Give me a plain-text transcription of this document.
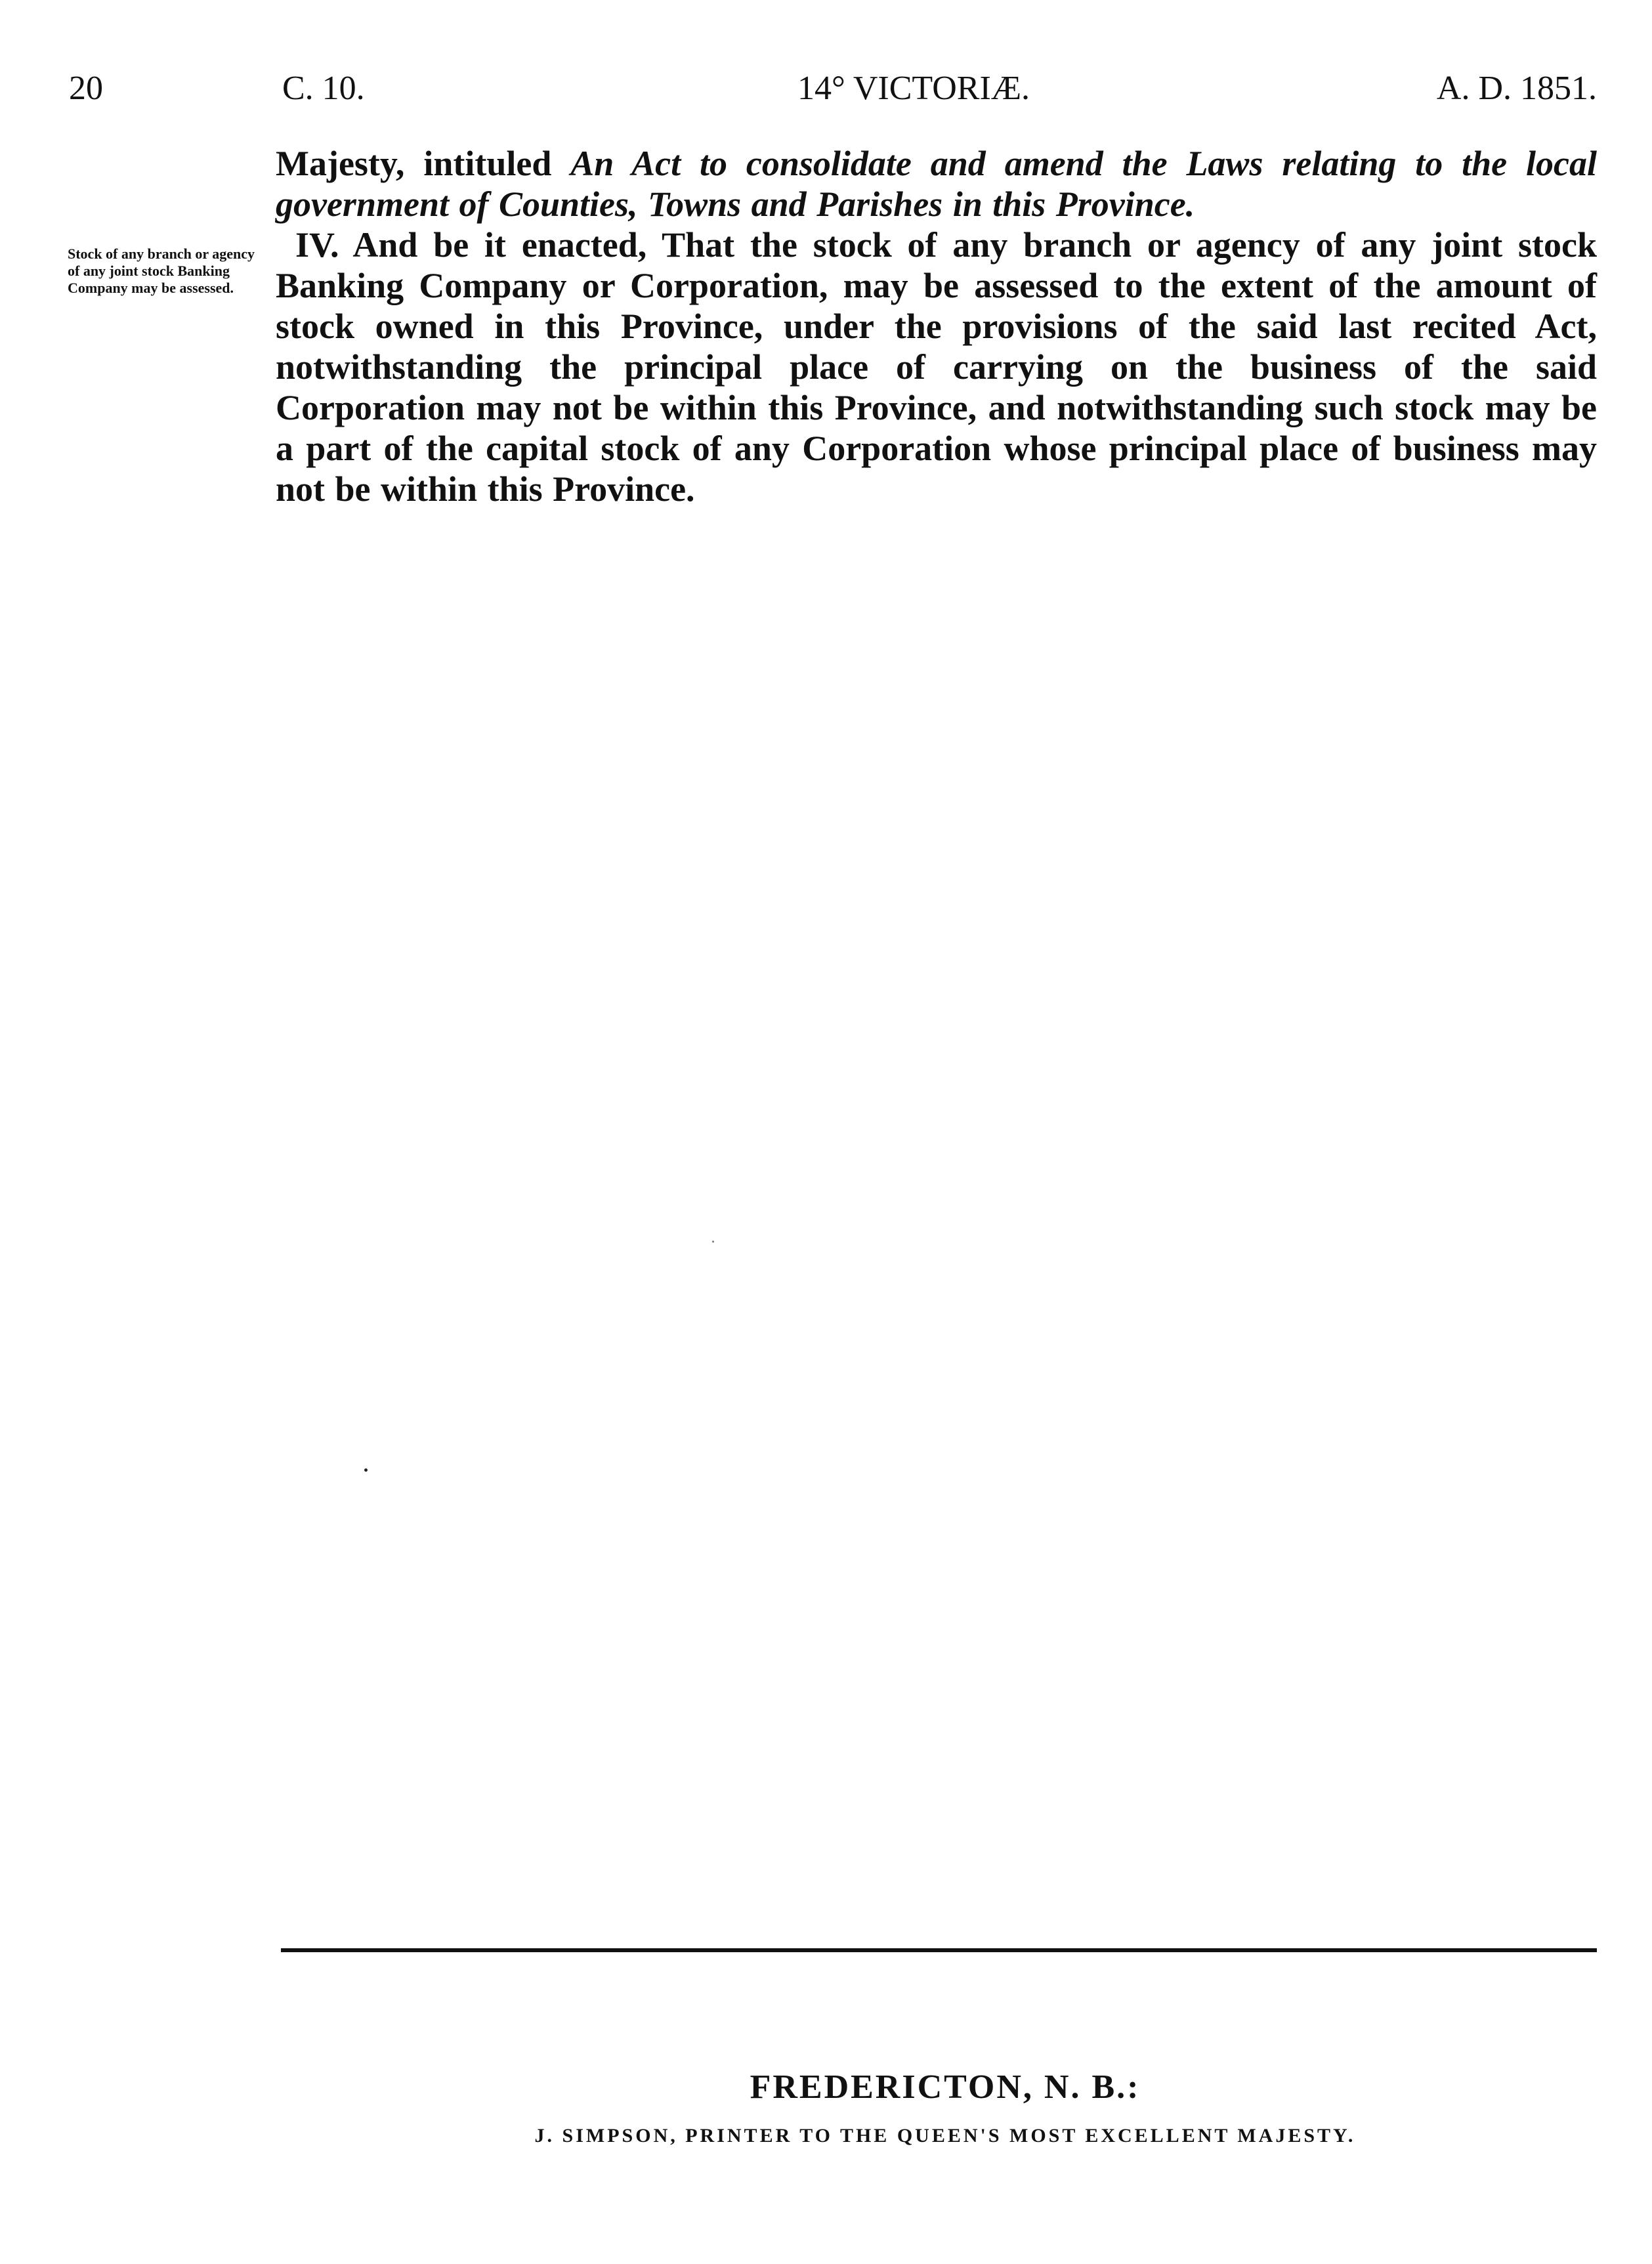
20	C. 10.	14° VICTORIÆ.	A. D. 1851.
Stock of any branch or agency of any joint stock Banking Company may be assessed.

Majesty, intituled An Act to consolidate and amend the Laws relating to the local government of Counties, Towns and Parishes in this Province.

IV. And be it enacted, That the stock of any branch or agency of any joint stock Banking Company or Corporation, may be assessed to the extent of the amount of stock owned in this Province, under the provisions of the said last recited Act, notwithstanding the principal place of carrying on the business of the said Corporation may not be within this Province, and notwithstanding such stock may be a part of the capital stock of any Corporation whose principal place of business may not be within this Province.

FREDERICTON, N. B.:
J. SIMPSON, PRINTER TO THE QUEEN'S MOST EXCELLENT MAJESTY.
